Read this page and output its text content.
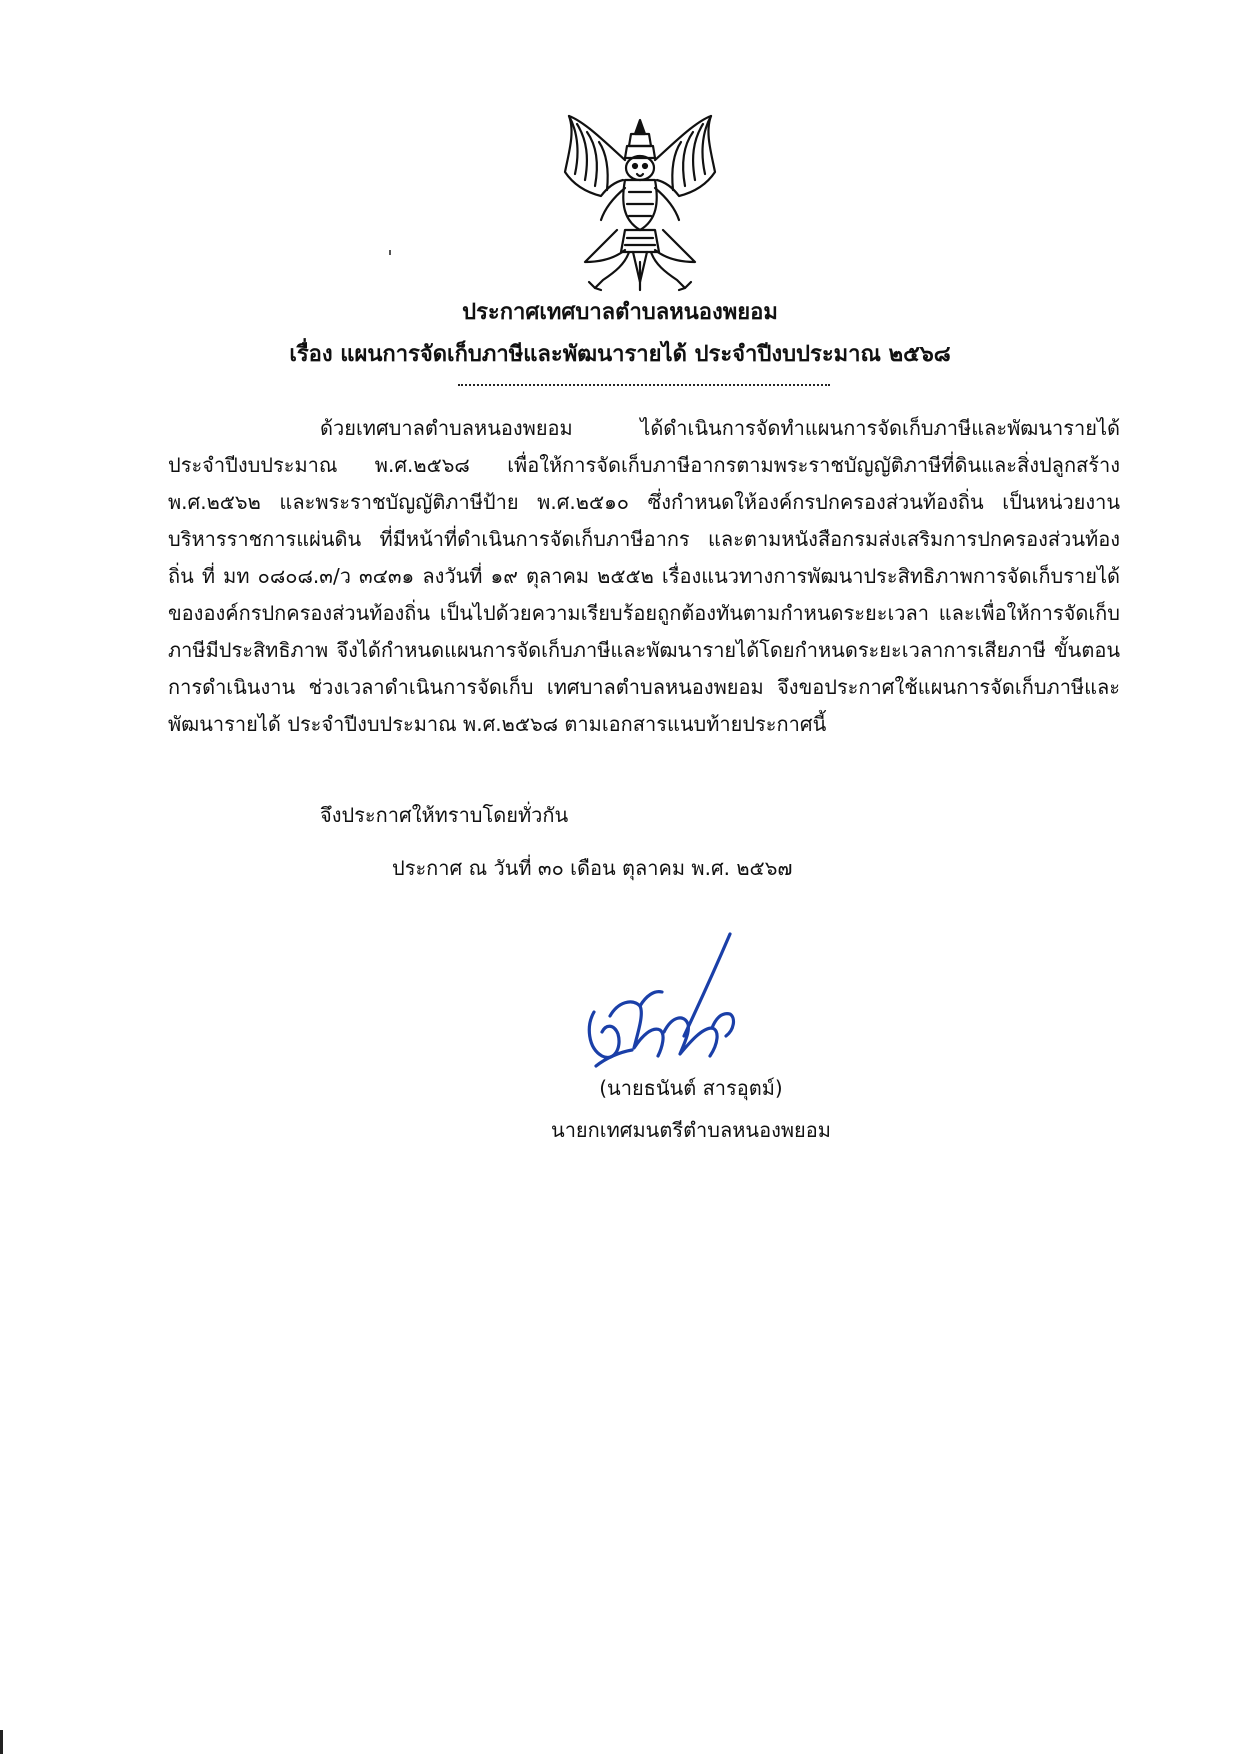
ประกาศเทศบาลตำบลหนองพยอม
เรื่อง แผนการจัดเก็บภาษีและพัฒนารายได้ ประจำปีงบประมาณ ๒๕๖๘

ด้วยเทศบาลตำบลหนองพยอม ได้ดำเนินการจัดทำแผนการจัดเก็บภาษีและพัฒนารายได้ ประจำปีงบประมาณ พ.ศ.๒๕๖๘ เพื่อให้การจัดเก็บภาษีอากรตามพระราชบัญญัติภาษีที่ดินและสิ่งปลูกสร้าง พ.ศ.๒๕๖๒ และพระราชบัญญัติภาษีป้าย พ.ศ.๒๕๑๐ ซึ่งกำหนดให้องค์กรปกครองส่วนท้องถิ่น เป็นหน่วยงานบริหารราชการแผ่นดิน ที่มีหน้าที่ดำเนินการจัดเก็บภาษีอากร และตามหนังสือกรมส่งเสริมการปกครองส่วนท้องถิ่น ที่ มท ๐๘๐๘.๓/ว ๓๔๓๑ ลงวันที่ ๑๙ ตุลาคม ๒๕๕๒ เรื่องแนวทางการพัฒนาประสิทธิภาพการจัดเก็บรายได้ขององค์กรปกครองส่วนท้องถิ่น เป็นไปด้วยความเรียบร้อยถูกต้องทันตามกำหนดระยะเวลา และเพื่อให้การจัดเก็บภาษีมีประสิทธิภาพ จึงได้กำหนดแผนการจัดเก็บภาษีและพัฒนารายได้โดยกำหนดระยะเวลาการเสียภาษี ขั้นตอนการดำเนินงาน ช่วงเวลาดำเนินการจัดเก็บ เทศบาลตำบลหนองพยอม จึงขอประกาศใช้แผนการจัดเก็บภาษีและพัฒนารายได้ ประจำปีงบประมาณ พ.ศ.๒๕๖๘ ตามเอกสารแนบท้ายประกาศนี้

จึงประกาศให้ทราบโดยทั่วกัน
ประกาศ ณ วันที่ ๓๐ เดือน ตุลาคม พ.ศ. ๒๕๖๗
(นายธนันต์ สารอุตม์)
นายกเทศมนตรีตำบลหนองพยอม
